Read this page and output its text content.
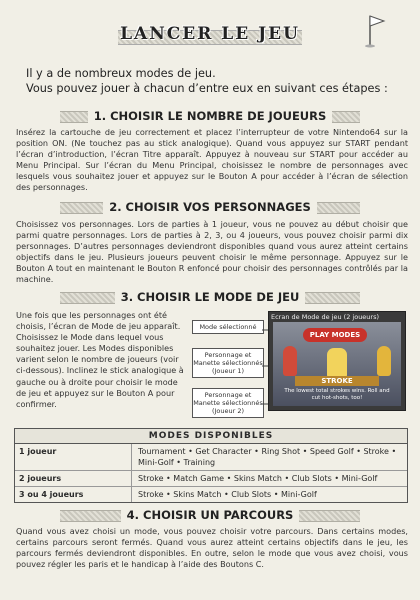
LANCER LE JEU
Il y a de nombreux modes de jeu.
Vous pouvez jouer à chacun d’entre eux en suivant ces étapes :
1. CHOISIR LE NOMBRE DE JOUEURS
Insérez la cartouche de jeu correctement et placez l’interrupteur de votre Nintendo64 sur la position ON. (Ne touchez pas au stick analogique). Quand vous appuyez sur START pendant l’écran d’introduction, l’écran Titre apparaît. Appuyez à nouveau sur START pour accéder au Menu Principal. Sur l’écran du Menu Principal, choisissez le nombre de personnages avec lesquels vous souhaitez jouer et appuyez sur le Bouton A pour accéder à l’écran de sélection des personnages.
2. CHOISIR VOS PERSONNAGES
Choisissez vos personnages. Lors de parties à 1 joueur, vous ne pouvez au début choisir que parmi quatre personnages. Lors de parties à 2, 3, ou 4 joueurs, vous pouvez choisir parmi dix personnages. D’autres personnages deviendront disponibles quand vous aurez atteint certains objectifs dans le jeu. Plusieurs joueurs peuvent choisir le même personnage. Appuyez sur le Bouton A tout en maintenant le Bouton R enfoncé pour choisir des personnages contrôlés par la machine.
3. CHOISIR LE MODE DE JEU
Une fois que les personnages ont été choisis, l’écran de Mode de jeu apparaît. Choisissez le Mode dans lequel vous souhaitez jouer. Les Modes disponibles varient selon le nombre de joueurs (voir ci-dessous). Inclinez le stick analogique à gauche ou à droite pour choisir le mode de jeu et appuyez sur le Bouton A pour confirmer.
Mode sélectionné
Personnage et Manette sélectionnés (Joueur 1)
Personnage et Manette sélectionnés (Joueur 2)
Ecran de Mode de jeu (2 joueurs)
PLAY MODES
STROKE
The lowest total strokes wins. Roll and cut hot-shots, too!
MODES DISPONIBLES
1 joueur	Tournament • Get Character • Ring Shot • Speed Golf • Stroke • Mini-Golf • Training
2 joueurs	Stroke • Match Game • Skins Match • Club Slots • Mini-Golf
3 ou 4 joueurs	Stroke • Skins Match • Club Slots • Mini-Golf
4. CHOISIR UN PARCOURS
Quand vous avez choisi un mode, vous pouvez choisir votre parcours. Dans certains modes, certains parcours seront fermés. Quand vous aurez atteint certains objectifs dans le jeu, les parcours fermés deviendront disponibles. En outre, selon le mode que vous avez choisi, vous pouvez régler les paris et le handicap à l’aide des Boutons C.
